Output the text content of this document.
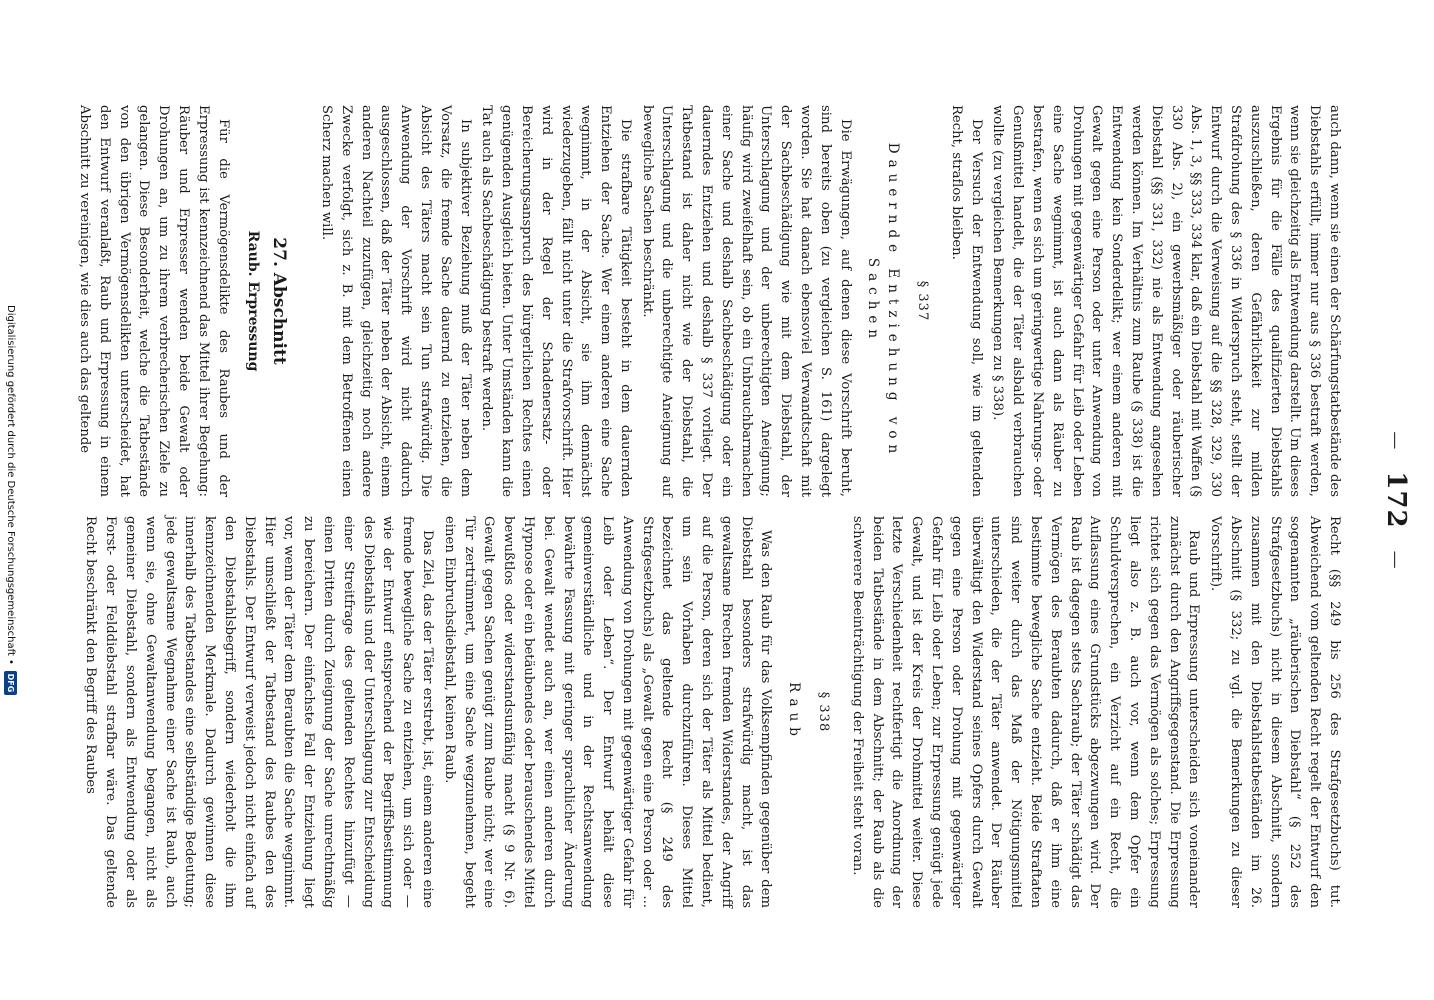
—
172
—

auch dann, wenn sie einen der Schärfungstatbestände des Diebstahls erfüllt, immer nur aus § 336 bestraft werden, wenn sie gleichzeitig als Entwendung darstellt. Um dieses Ergebnis für die Fälle des qualifizierten Diebstahls auszuschließen, deren Gefährlichkeit zur milden Strafdrohung des § 336 in Widerspruch steht, stellt der Entwurf durch die Verweisung auf die §§ 328, 329, 330 Abs. 1, 3, §§ 333, 334 klar, daß ein Diebstahl mit Waffen (§ 330 Abs. 2), ein gewerbsmäßiger oder räuberischer Diebstahl (§§ 331, 332) nie als Entwendung angesehen werden können. Im Verhältnis zum Raube (§ 338) ist die Entwendung kein Sonderdelikt; wer einem anderen mit Gewalt gegen eine Person oder unter Anwendung von Drohungen mit gegenwärtiger Gefahr für Leib oder Leben eine Sache wegnimmt, ist auch dann als Räuber zu bestrafen, wenn es sich um geringwertige Nahrungs- oder Genußmittel handelt, die der Täter alsbald verbrauchen wollte (zu vergleichen Bemerkungen zu § 338).

Der Versuch der Entwendung soll, wie im geltenden Recht, straflos bleiben.

§ 337
Dauernde Entziehung von Sachen

Die Erwägungen, auf denen diese Vorschrift beruht, sind bereits oben (zu vergleichen S. 161) dargelegt worden. Sie hat danach ebensoviel Verwandtschaft mit der Sachbeschädigung wie mit dem Diebstahl, der Unterschlagung und der unberechtigten Aneignung; häufig wird zweifelhaft sein, ob ein Unbrauchbarmachen einer Sache und deshalb Sachbeschädigung oder ein dauerndes Entziehen und deshalb § 337 vorliegt. Der Tatbestand ist daher nicht wie der Diebstahl, die Unterschlagung und die unberechtigte Aneignung auf bewegliche Sachen beschränkt.

Die strafbare Tätigkeit besteht in dem dauernden Entziehen der Sache. Wer einem anderen eine Sache wegnimmt, in der Absicht, sie ihm demnächst wiederzugeben, fällt nicht unter die Strafvorschrift. Hier wird in der Regel der Schadenersatz- oder Bereicherungsanspruch des bürgerlichen Rechtes einen genügenden Ausgleich bieten. Unter Umständen kann die Tat auch als Sachbeschädigung bestraft werden.

In subjektiver Beziehung muß der Täter neben dem Vorsatz, die fremde Sache dauernd zu entziehen, die Absicht des Täters macht sein Tun strafwürdig. Die Anwendung der Vorschrift wird nicht dadurch ausgeschlossen, daß der Täter neben der Absicht, einem anderen Nachteil zuzufügen, gleichzeitig noch andere Zwecke verfolgt, sich z. B. mit dem Betroffenen einen Scherz machen will.

27. Abschnitt
Raub. Erpressung

Für die Vermögensdelikte des Raubes und der Erpressung ist kennzeichnend das Mittel ihrer Begehung: Räuber und Erpresser wenden beide Gewalt oder Drohungen an, um zu ihrem verbrecherischen Ziele zu gelangen. Diese Besonderheit, welche die Tatbestände von den übrigen Vermögensdelikten unterscheidet, hat den Entwurf veranlaßt, Raub und Erpressung in einem Abschnitt zu vereinigen, wie dies auch das geltende

Recht (§§ 249 bis 256 des Strafgesetzbuchs) tut. Abweichend vom geltenden Recht regelt der Entwurf den sogenannten „räuberischen Diebstahl“ (§ 252 des Strafgesetzbuchs) nicht in diesem Abschnitt, sondern zusammen mit den Diebstahlstatbeständen im 26. Abschnitt (§ 332; zu vgl. die Bemerkungen zu dieser Vorschrift).

Raub und Erpressung unterscheiden sich voneinander zunächst durch den Angriffsgegenstand. Die Erpressung richtet sich gegen das Vermögen als solches; Erpressung liegt also z. B. auch vor, wenn dem Opfer ein Schuldversprechen, ein Verzicht auf ein Recht, die Auflassung eines Grundstücks abgezwungen wird. Der Raub ist dagegen stets Sachraub; der Täter schädigt das Vermögen des Beraubten dadurch, daß er ihm eine bestimmte bewegliche Sache entzieht. Beide Straftaten sind weiter durch das Maß der Nötigungsmittel unterschieden, die der Täter anwendet. Der Räuber überwältigt den Widerstand seines Opfers durch Gewalt gegen eine Person oder Drohung mit gegenwärtiger Gefahr für Leib oder Leben; zur Erpressung genügt jede Gewalt, und ist der Kreis der Drohmittel weiter. Diese letzte Verschiedenheit rechtfertigt die Anordnung der beiden Tatbestände in dem Abschnitt; der Raub als die schwerere Beeinträchtigung der Freiheit steht voran.

§ 338
Raub

Was den Raub für das Volksempfinden gegenüber dem Diebstahl besonders strafwürdig macht, ist das gewaltsame Brechen fremden Widerstandes, der Angriff auf die Person, deren sich der Täter als Mittel bedient, um sein Vorhaben durchzuführen. Dieses Mittel bezeichnet das geltende Recht (§ 249 des Strafgesetzbuchs) als „Gewalt gegen eine Person oder ... Anwendung von Drohungen mit gegenwärtiger Gefahr für Leib oder Leben“. Der Entwurf behält diese gemeinverständliche und in der Rechtsanwendung bewährte Fassung mit geringer sprachlicher Änderung bei. Gewalt wendet auch an, wer einen anderen durch Hypnose oder ein betäubendes oder berauschendes Mittel bewußtlos oder widerstandsunfähig macht (§ 9 Nr. 6). Gewalt gegen Sachen genügt zum Raube nicht; wer eine Tür zertrümmert, um eine Sache wegzunehmen, begeht einen Einbruchsdiebstahl, keinen Raub.

Das Ziel, das der Täter erstrebt, ist, einem anderen eine fremde bewegliche Sache zu entziehen, um sich oder — wie der Entwurf entsprechend der Begriffsbestimmung des Diebstahls und der Unterschlagung zur Entscheidung einer Streitfrage des geltenden Rechtes hinzufügt — einen Dritten durch Zueignung der Sache unrechtmäßig zu bereichern. Der einfachste Fall der Entziehung liegt vor, wenn der Täter dem Beraubten die Sache wegnimmt. Hier umschließt der Tatbestand des Raubes den des Diebstahls. Der Entwurf verweist jedoch nicht einfach auf den Diebstahlsbegriff, sondern wiederholt die ihm kennzeichnenden Merkmale. Dadurch gewinnen diese innerhalb des Tatbestandes eine selbständige Bedeutung; jede gewaltsame Wegnahme einer Sache ist Raub, auch wenn sie, ohne Gewaltanwendung begangen, nicht als gemeiner Diebstahl, sondern als Entwendung oder als Forst- oder Felddiebstahl strafbar wäre. Das geltende Recht beschränkt den Begriff des Raubes

Digitalisierung gefördert durch die Deutsche Forschungsgemeinschaft •
DFG
